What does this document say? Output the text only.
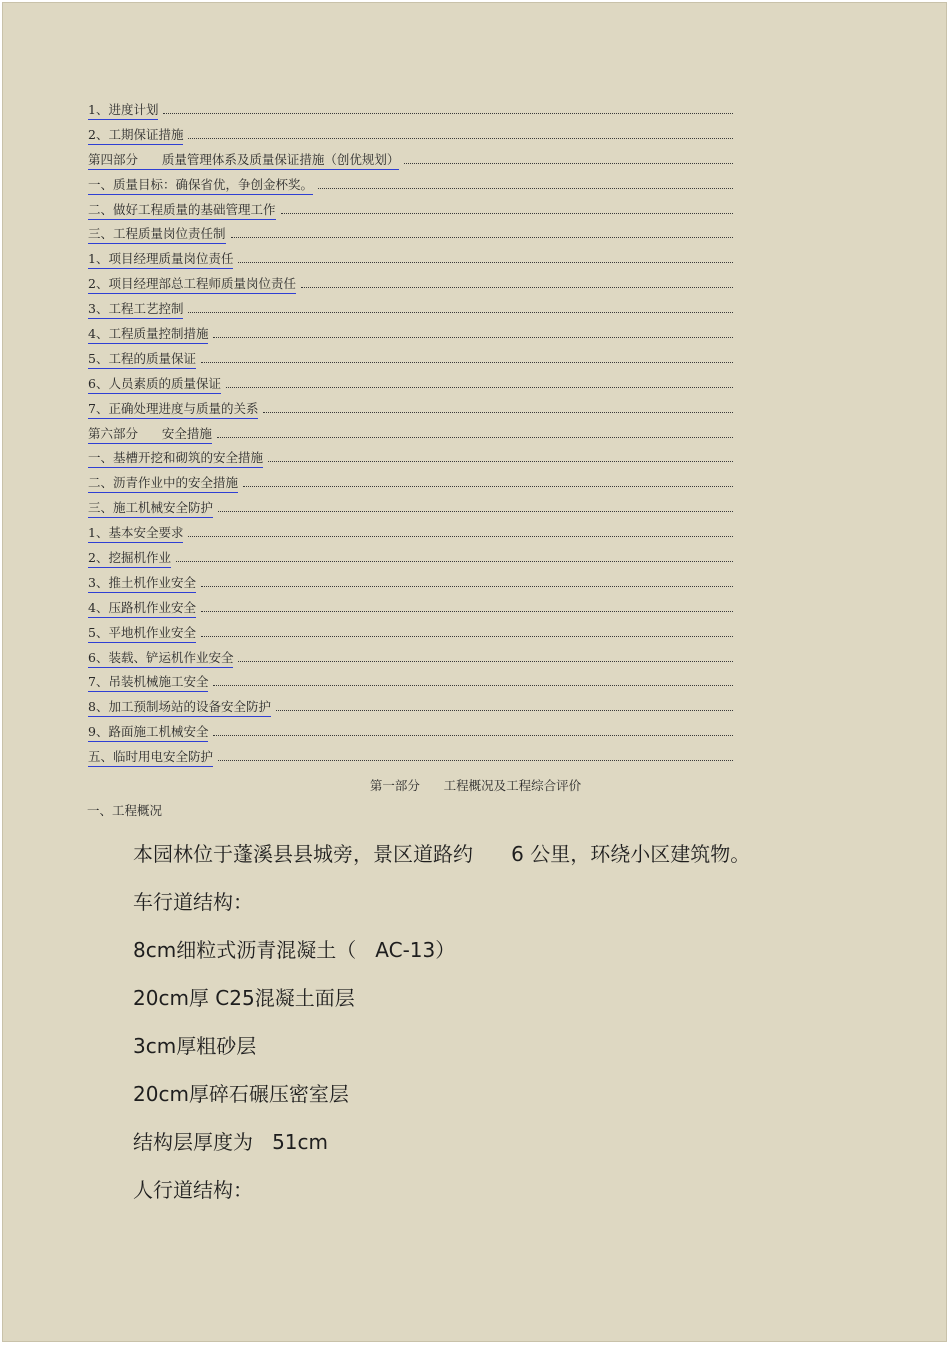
1、进度计划
2、工期保证措施
第四部分      质量管理体系及质量保证措施（创优规划）
一、质量目标：确保省优，争创金杯奖。
二、做好工程质量的基础管理工作
三、工程质量岗位责任制
1、项目经理质量岗位责任
2、项目经理部总工程师质量岗位责任
3、工程工艺控制
4、工程质量控制措施
5、工程的质量保证
6、人员素质的质量保证
7、正确处理进度与质量的关系
第六部分      安全措施
一、基槽开挖和砌筑的安全措施
二、沥青作业中的安全措施
三、施工机械安全防护
1、基本安全要求
2、挖掘机作业
3、推土机作业安全
4、压路机作业安全
5、平地机作业安全
6、装载、铲运机作业安全
7、吊装机械施工安全
8、加工预制场站的设备安全防护
9、路面施工机械安全
五、临时用电安全防护
第一部分      工程概况及工程综合评价
一、工程概况
本园林位于蓬溪县县城旁，景区道路约      6 公里，环绕小区建筑物。
车行道结构：
8cm细粒式沥青混凝土（   AC-13）
20cm厚 C25混凝土面层
3cm厚粗砂层
20cm厚碎石碾压密室层
结构层厚度为   51cm
人行道结构：
